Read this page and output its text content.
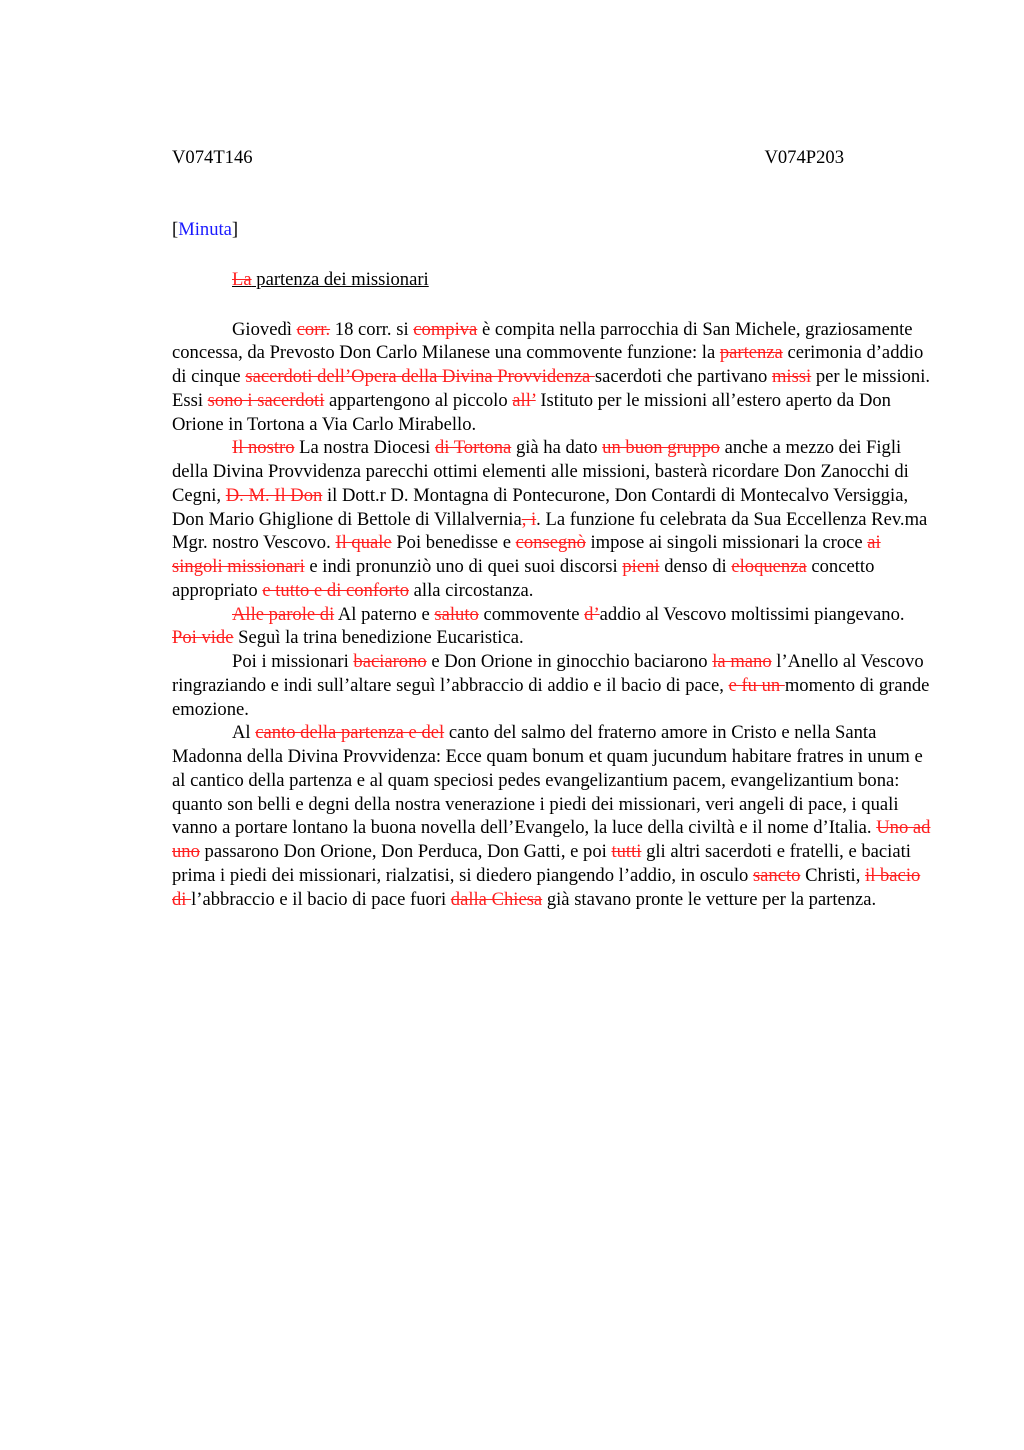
V074T146	V074P203
[Minuta]
La partenza dei missionari

Giovedì corr. 18 corr. si compiva è compita nella parrocchia di San Michele, graziosamente concessa, da Prevosto Don Carlo Milanese una commovente funzione: la partenza cerimonia d’addio di cinque sacerdoti dell’Opera della Divina Provvidenza sacerdoti che partivano missi per le missioni. Essi sono i sacerdoti appartengono al piccolo all’ Istituto per le missioni all’estero aperto da Don Orione in Tortona a Via Carlo Mirabello.

Il nostro La nostra Diocesi di Tortona già ha dato un buon gruppo anche a mezzo dei Figli della Divina Provvidenza parecchi ottimi elementi alle missioni, basterà ricordare Don Zanocchi di Cegni, D. M. Il Don il Dott.r D. Montagna di Pontecurone, Don Contardi di Montecalvo Versiggia, Don Mario Ghiglione di Bettole di Villalvernia, i. La funzione fu celebrata da Sua Eccellenza Rev.ma Mgr. nostro Vescovo. Il quale Poi benedisse e consegnò impose ai singoli missionari la croce ai singoli missionari e indi pronunziò uno di quei suoi discorsi pieni denso di eloquenza concetto appropriato e tutto e di conforto alla circostanza.

Alle parole di Al paterno e saluto commovente d’addio al Vescovo moltissimi piangevano. Poi vide Seguì la trina benedizione Eucaristica.

Poi i missionari baciarono e Don Orione in ginocchio baciarono la mano l’Anello al Vescovo ringraziando e indi sull’altare seguì l’abbraccio di addio e il bacio di pace, e fu un momento di grande emozione.

Al canto della partenza e del canto del salmo del fraterno amore in Cristo e nella Santa Madonna della Divina Provvidenza: Ecce quam bonum et quam jucundum habitare fratres in unum e al cantico della partenza e al quam speciosi pedes evangelizantium pacem, evangelizantium bona: quanto son belli e degni della nostra venerazione i piedi dei missionari, veri angeli di pace, i quali vanno a portare lontano la buona novella dell’Evangelo, la luce della civiltà e il nome d’Italia. Uno ad uno passarono Don Orione, Don Perduca, Don Gatti, e poi tutti gli altri sacerdoti e fratelli, e baciati prima i piedi dei missionari, rialzatisi, si diedero piangendo l’addio, in osculo sancto Christi, il bacio di l’abbraccio e il bacio di pace fuori dalla Chiesa già stavano pronte le vetture per la partenza.
